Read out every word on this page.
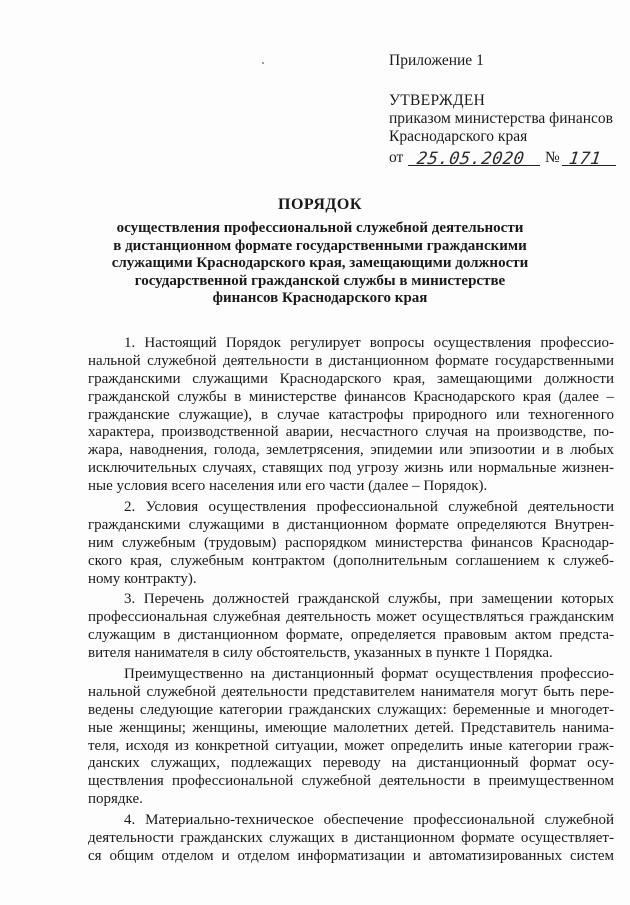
Приложение 1
УТВЕРЖДЕН
приказом министерства финансов
Краснодарского края
от 25.05.2020 № 171
ПОРЯДОК
осуществления профессиональной служебной деятельности
в дистанционном формате государственными гражданскими
служащими Краснодарского края, замещающими должности
государственной гражданской службы в министерстве
финансов Краснодарского края
1. Настоящий Порядок регулирует вопросы осуществления профессио-
нальной служебной деятельности в дистанционном формате государственными
гражданскими служащими Краснодарского края, замещающими должности
гражданской службы в министерстве финансов Краснодарского края (далее –
гражданские служащие), в случае катастрофы природного или техногенного
характера, производственной аварии, несчастного случая на производстве, по-
жара, наводнения, голода, землетрясения, эпидемии или эпизоотии и в любых
исключительных случаях, ставящих под угрозу жизнь или нормальные жизнен-
ные условия всего населения или его части (далее – Порядок).
2. Условия осуществления профессиональной служебной деятельности
гражданскими служащими в дистанционном формате определяются Внутрен-
ним служебным (трудовым) распорядком министерства финансов Краснодар-
ского края, служебным контрактом (дополнительным соглашением к служеб-
ному контракту).
3. Перечень должностей гражданской службы, при замещении которых
профессиональная служебная деятельность может осуществляться гражданским
служащим в дистанционном формате, определяется правовым актом предста-
вителя нанимателя в силу обстоятельств, указанных в пункте 1 Порядка.
Преимущественно на дистанционный формат осуществления профессио-
нальной служебной деятельности представителем нанимателя могут быть пере-
ведены следующие категории гражданских служащих: беременные и многодет-
ные женщины; женщины, имеющие малолетних детей. Представитель нанима-
теля, исходя из конкретной ситуации, может определить иные категории граж-
данских служащих, подлежащих переводу на дистанционный формат осу-
ществления профессиональной служебной деятельности в преимущественном
порядке.
4. Материально-техническое обеспечение профессиональной служебной
деятельности гражданских служащих в дистанционном формате осуществляет-
ся общим отделом и отделом информатизации и автоматизированных систем
